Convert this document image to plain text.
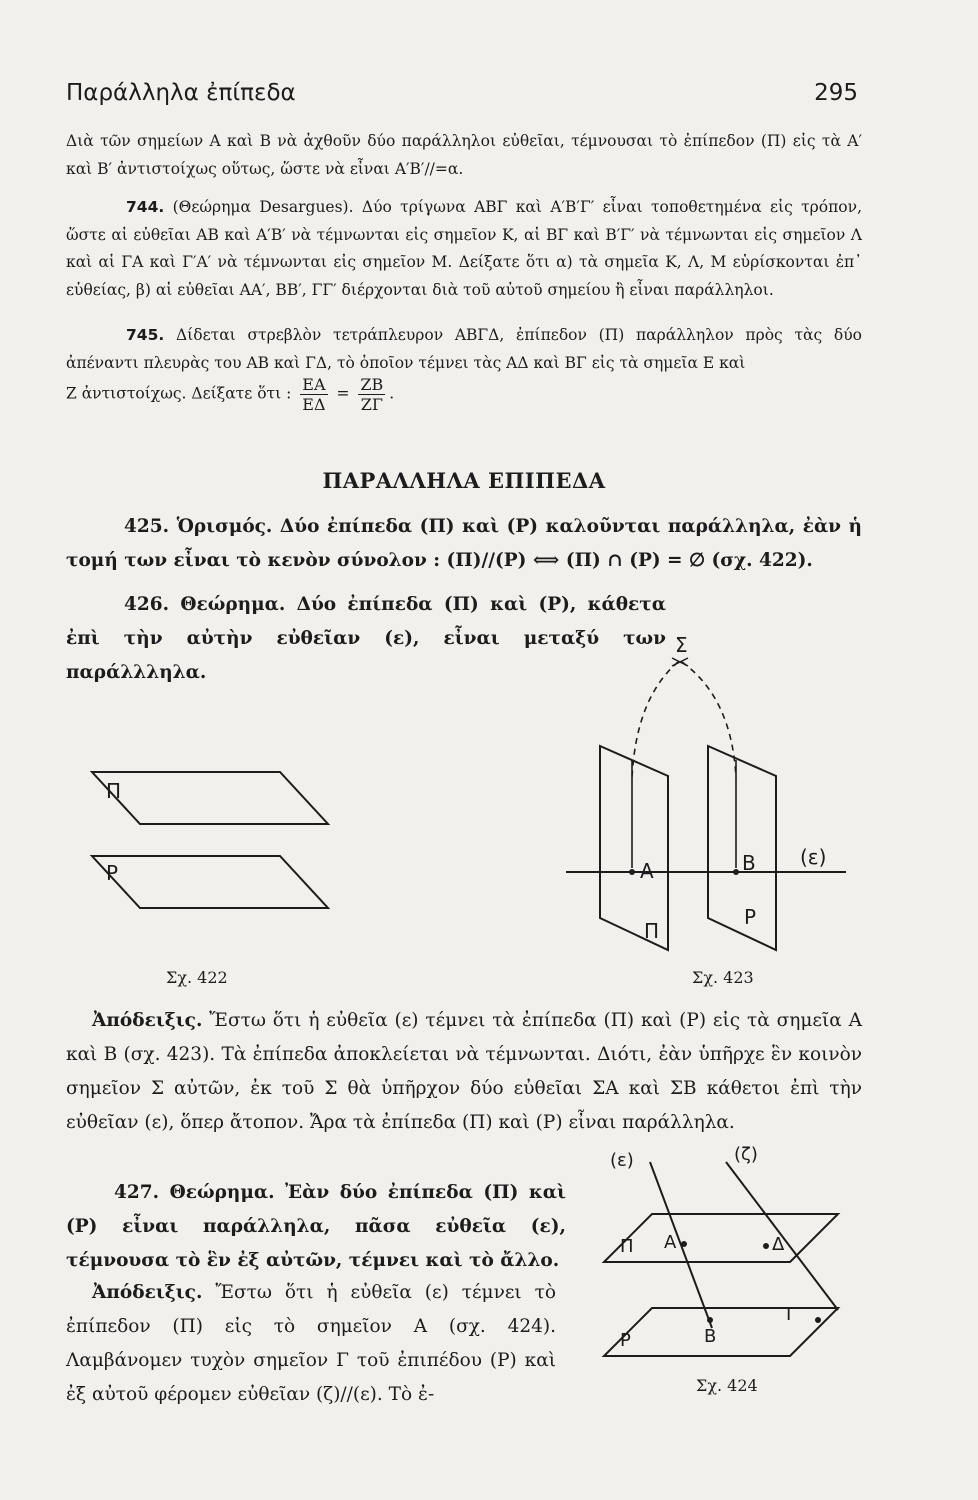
Παράλληλα ἐπίπεδα	295

Διὰ τῶν σημείων A καὶ B νὰ ἀχθοῦν δύο παράλληλοι εὐθεῖαι, τέμνουσαι τὸ ἐπίπεδον (Π) εἰς τὰ A′ καὶ B′ ἀντιστοίχως οὕτως, ὥστε νὰ εἶναι A′B′//=α.

744. (Θεώρημα Desargues). Δύο τρίγωνα ΑΒΓ καὶ Α′Β′Γ′ εἶναι τοποθετημένα εἰς τρόπον, ὥστε αἱ εὐθεῖαι ΑΒ καὶ Α′Β′ νὰ τέμνωνται εἰς σημεῖον Κ, αἱ ΒΓ καὶ Β′Γ′ νὰ τέμνωνται εἰς σημεῖον Λ καὶ αἱ ΓΑ καὶ Γ′Α′ νὰ τέμνωνται εἰς σημεῖον Μ. Δείξατε ὅτι α) τὰ σημεῖα Κ, Λ, Μ εὑρίσκονται ἐπ᾿ εὐθείας, β) αἱ εὐθεῖαι ΑΑ′, ΒΒ′, ΓΓ′ διέρχονται διὰ τοῦ αὐτοῦ σημείου ἢ εἶναι παράλληλοι.

745. Δίδεται στρεβλὸν τετράπλευρον ΑΒΓΔ, ἐπίπεδον (Π) παράλληλον πρὸς τὰς δύο ἀπέναντι πλευρὰς του ΑΒ καὶ ΓΔ, τὸ ὁποῖον τέμνει τὰς ΑΔ καὶ ΒΓ εἰς τὰ σημεῖα Ε καὶ

Ζ ἀντιστοίχως. Δείξατε ὅτι : $\frac{EA}{E\Delta} = \frac{ZB}{Z\Gamma}$ .

ΠΑΡΑΛΛΗΛΑ ΕΠΙΠΕΔΑ

425. Ὁρισμός. Δύο ἐπίπεδα (Π) καὶ (Ρ) καλοῦνται παράλληλα, ἐὰν ἡ τομή των εἶναι τὸ κενὸν σύνολον : (Π)//(Ρ) ⟺ (Π) ∩ (Ρ) = ∅ (σχ. 422).

426. Θεώρημα. Δύο ἐπίπεδα (Π) καὶ (Ρ), κάθετα ἐπὶ τὴν αὐτὴν εὐθεῖαν (ε), εἶναι μεταξύ των παράλλληλα.

Π
Ρ
Σχ. 422
Σ
Α	Β
Π
Ρ
(ε)
Σχ. 423

Ἀπόδειξις. Ἔστω ὅτι ἡ εὐθεῖα (ε) τέμνει τὰ ἐπίπεδα (Π) καὶ (Ρ) εἰς τὰ σημεῖα Α καὶ Β (σχ. 423). Τὰ ἐπίπεδα ἀποκλείεται νὰ τέμνωνται. Διότι, ἐὰν ὑπῆρχε ἓν κοινὸν σημεῖον Σ αὐτῶν, ἐκ τοῦ Σ θὰ ὑπῆρχον δύο εὐθεῖαι ΣΑ καὶ ΣΒ κάθετοι ἐπὶ τὴν εὐθεῖαν (ε), ὅπερ ἄτοπον. Ἄρα τὰ ἐπίπεδα (Π) καὶ (Ρ) εἶναι παράλληλα.

427. Θεώρημα. Ἐὰν δύο ἐπίπεδα (Π) καὶ (Ρ) εἶναι παράλληλα, πᾶσα εὐθεῖα (ε), τέμνουσα τὸ ἓν ἐξ αὐτῶν, τέμνει καὶ τὸ ἄλλο.

Ἀπόδειξις. Ἔστω ὅτι ἡ εὐθεῖα (ε) τέμνει τὸ ἐπίπεδον (Π) εἰς τὸ σημεῖον Α (σχ. 424). Λαμβάνομεν τυχὸν σημεῖον Γ τοῦ ἐπιπέδου (Ρ) καὶ ἐξ αὐτοῦ φέρομεν εὐθεῖαν (ζ)//(ε). Τὸ ἐ-

(ε)	(ζ)
Δ
Π Α
Γ
Ρ	Β
Σχ. 424
